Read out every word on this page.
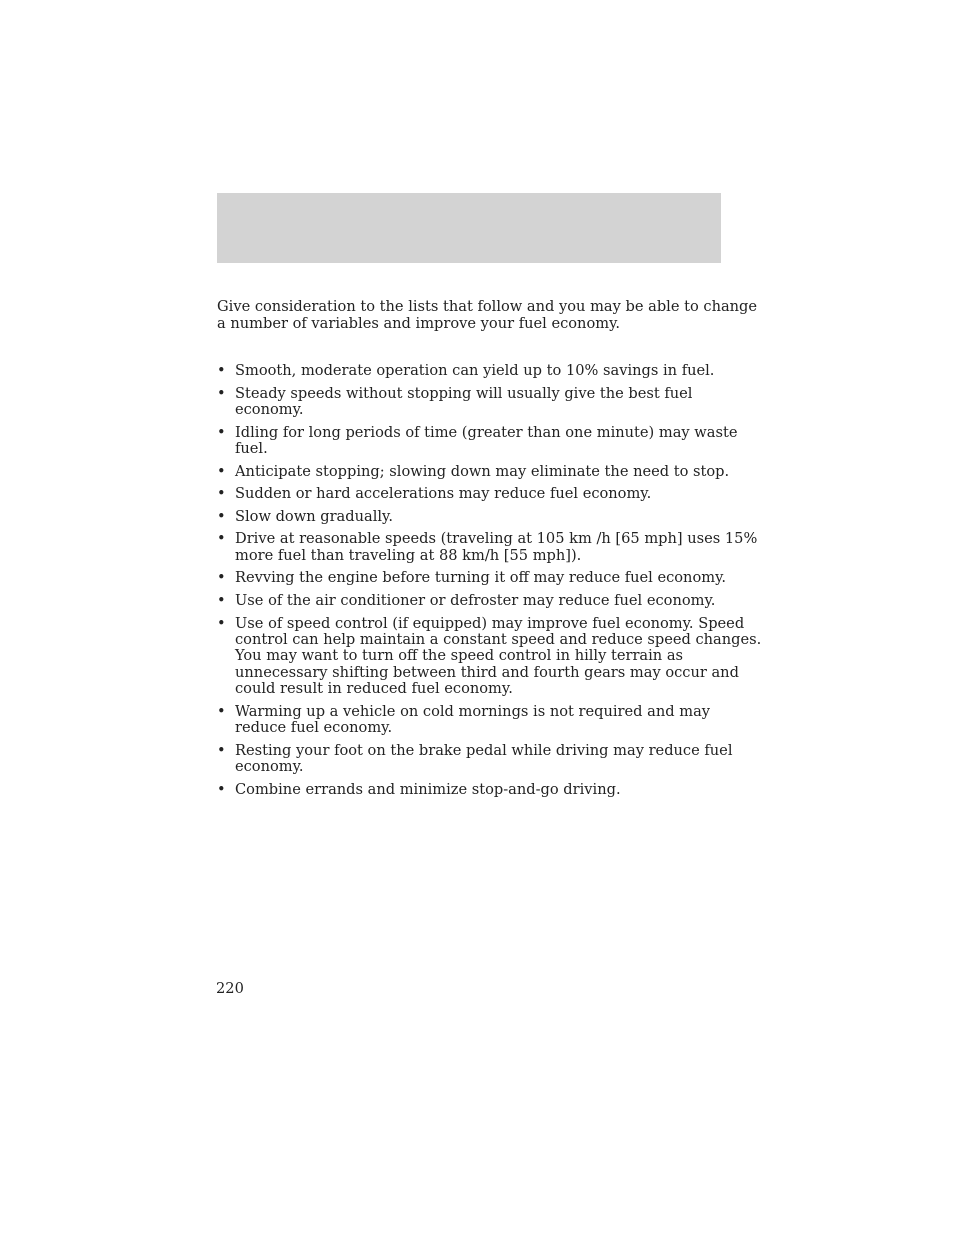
Give consideration to the lists that follow and you may be able to change
a number of variables and improve your fuel economy.

• Smooth, moderate operation can yield up to 10% savings in fuel.
• Steady speeds without stopping will usually give the best fuel
economy.
• Idling for long periods of time (greater than one minute) may waste
fuel.
• Anticipate stopping; slowing down may eliminate the need to stop.
• Sudden or hard accelerations may reduce fuel economy.
• Slow down gradually.
• Drive at reasonable speeds (traveling at 105 km /h [65 mph] uses 15%
more fuel than traveling at 88 km/h [55 mph]).
• Revving the engine before turning it off may reduce fuel economy.
• Use of the air conditioner or defroster may reduce fuel economy.
• Use of speed control (if equipped) may improve fuel economy. Speed
control can help maintain a constant speed and reduce speed changes.
You may want to turn off the speed control in hilly terrain as
unnecessary shifting between third and fourth gears may occur and
could result in reduced fuel economy.
• Warming up a vehicle on cold mornings is not required and may
reduce fuel economy.
• Resting your foot on the brake pedal while driving may reduce fuel
economy.
• Combine errands and minimize stop-and-go driving.
220
